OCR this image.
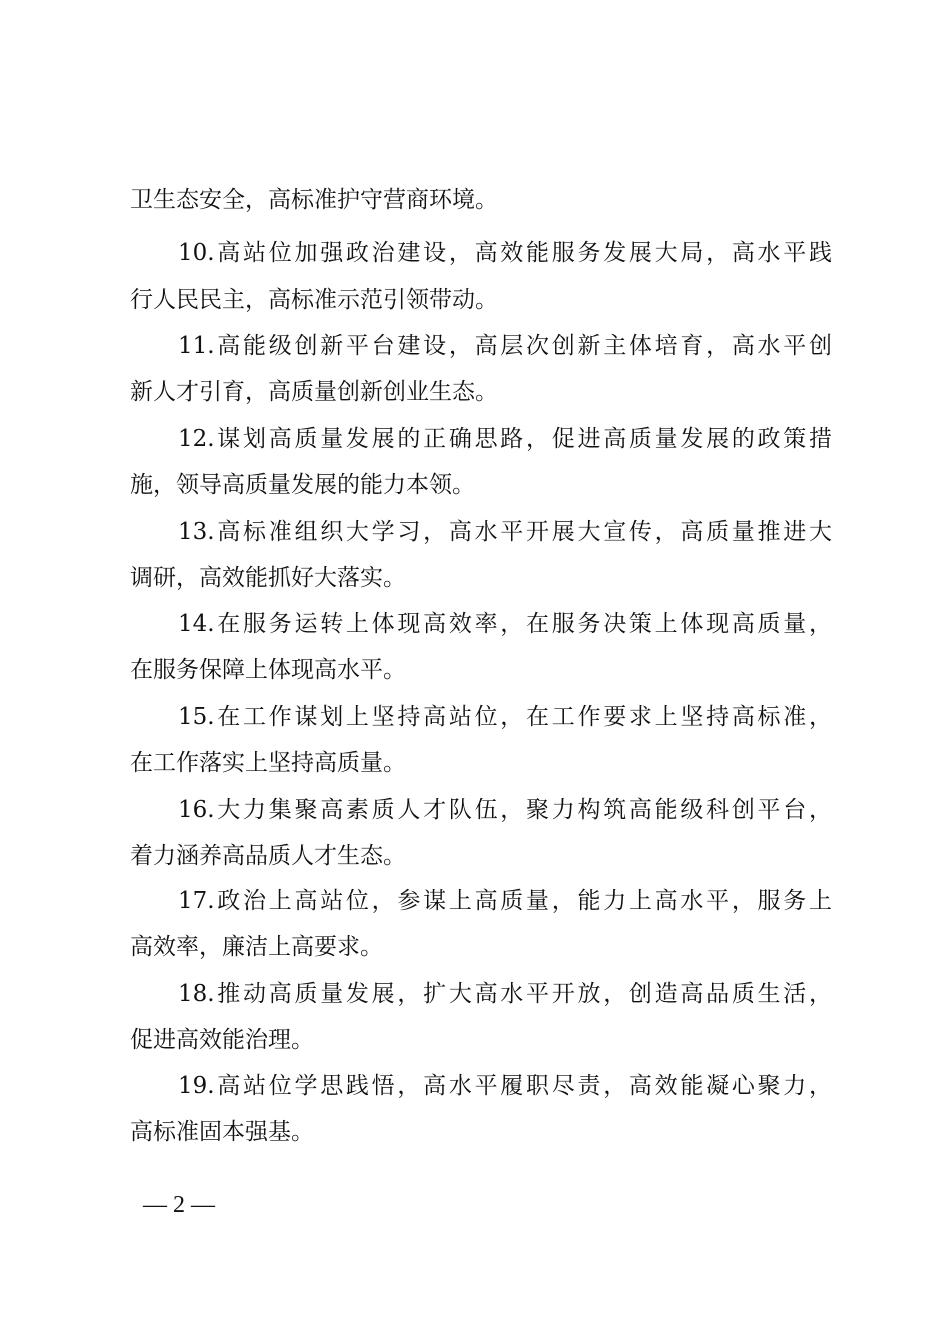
卫生态安全，高标准护守营商环境。
10.高站位加强政治建设，高效能服务发展大局，高水平践
行人民民主，高标准示范引领带动。
11.高能级创新平台建设，高层次创新主体培育，高水平创
新人才引育，高质量创新创业生态。
12.谋划高质量发展的正确思路，促进高质量发展的政策措
施，领导高质量发展的能力本领。
13.高标准组织大学习，高水平开展大宣传，高质量推进大
调研，高效能抓好大落实。
14.在服务运转上体现高效率，在服务决策上体现高质量，
在服务保障上体现高水平。
15.在工作谋划上坚持高站位，在工作要求上坚持高标准，
在工作落实上坚持高质量。
16.大力集聚高素质人才队伍，聚力构筑高能级科创平台，
着力涵养高品质人才生态。
17.政治上高站位，参谋上高质量，能力上高水平，服务上
高效率，廉洁上高要求。
18.推动高质量发展，扩大高水平开放，创造高品质生活，
促进高效能治理。
19.高站位学思践悟，高水平履职尽责，高效能凝心聚力，
高标准固本强基。
— 2 —
